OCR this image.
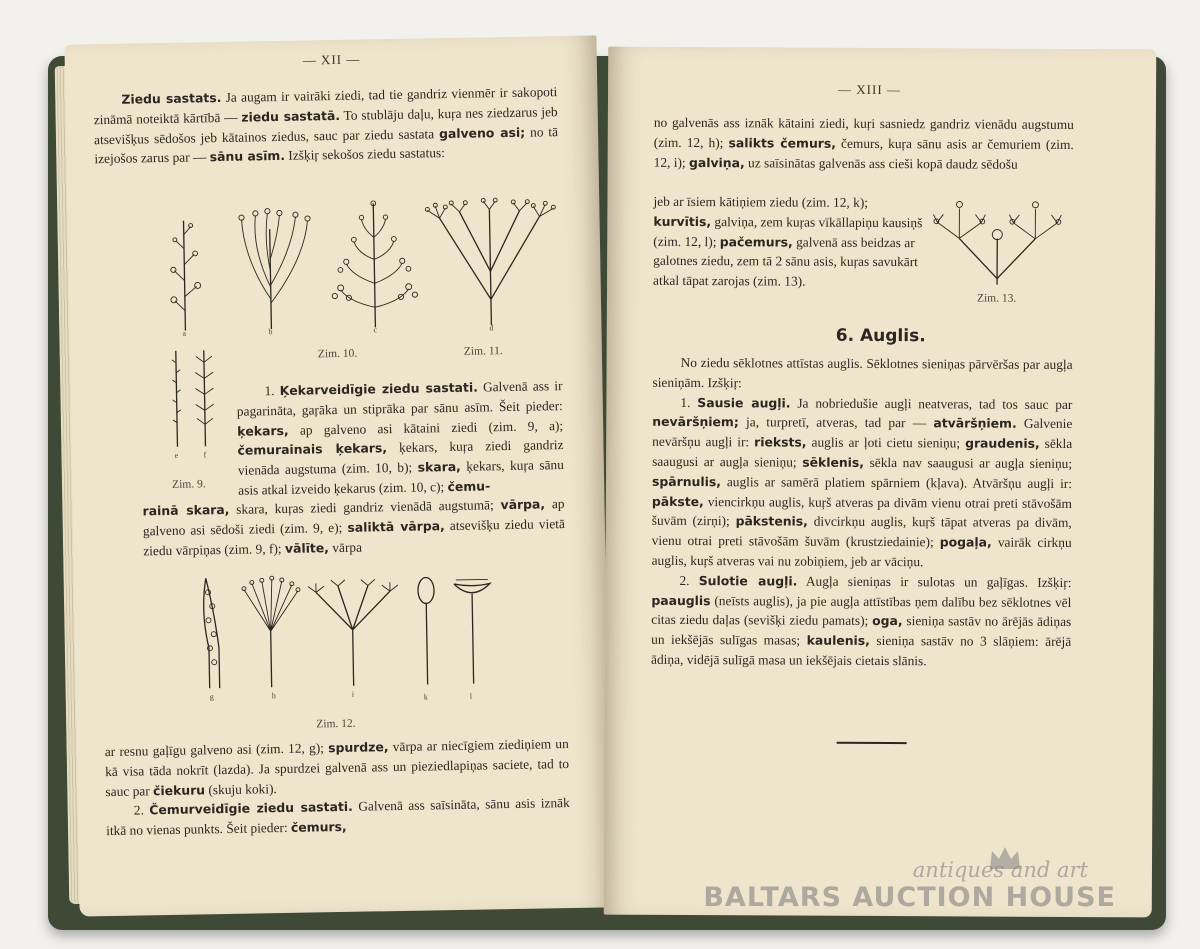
— XII —

Ziedu sastats. Ja augam ir vairāki ziedi, tad tie gandriz vienmēr ir sakopoti zināmā noteiktā kārtībā — ziedu sastatā. To stublāju daļu, kuŗa nes ziedzarus jeb atsevišķus sēdošos jeb kātainos ziedus, sauc par ziedu sastata galveno asi; no tā izejošos zarus par — sānu asīm. Izšķiŗ sekošos ziedu sastatus:

a	b	c	d
Zim. 10.	Zim. 11.
e	f
Zim. 9.

1. Ķekarveidīgie ziedu sastati. Galvenā ass ir pagarināta, gaŗāka un stiprāka par sānu asīm. Šeit pieder: ķekars, ap galveno asi kātaini ziedi (zim. 9, a); čemurainais ķekars, ķekars, kuŗa ziedi gandriz vienāda augstuma (zim. 10, b); skara, ķekars, kuŗa sānu asis atkal izveido ķekarus (zim. 10, c); čemu-

rainā skara, skara, kuŗas ziedi gandriz vienādā augstumā; vārpa, ap galveno asi sēdoši ziedi (zim. 9, e); saliktā vārpa, atsevišķu ziedu vietā ziedu vārpiņas (zim. 9, f); vālīte, vārpa

g	h	i	k	l
Zim. 12.

ar resnu gaļīgu galveno asi (zim. 12, g); spurdze, vārpa ar niecīgiem ziediņiem un kā visa tāda nokrīt (lazda). Ja spurdzei galvenā ass un pieziedlapiņas saciete, tad to sauc par čiekuru (skuju koki).

2. Čemurveidīgie ziedu sastati. Galvenā ass saīsināta, sānu asis iznāk itkā no vienas punkts. Šeit pieder: čemurs,

— XIII —

no galvenās ass iznāk kātaini ziedi, kuŗi sasniedz gandriz vienādu augstumu (zim. 12, h); salikts čemurs, čemurs, kuŗa sānu asis ar čemuriem (zim. 12, i); galviņa, uz saīsinātas galvenās ass cieši kopā daudz sēdošu

jeb ar īsiem kātiņiem ziedu (zim. 12, k); kurvītis, galviņa, zem kuŗas vīkāllapiņu kausiņš (zim. 12, l); pačemurs, galvenā ass beidzas ar galotnes ziedu, zem tā 2 sānu asis, kuŗas savukārt atkal tāpat zarojas (zim. 13).

Zim. 13.
6. Auglis.

No ziedu sēklotnes attīstas auglis. Sēklotnes sieniņas pārvēršas par augļa sieniņām. Izšķiŗ:

1. Sausie augļi. Ja nobriedušie augļi neatveras, tad tos sauc par nevāršņiem; ja, turpretī, atveras, tad par — atvāršņiem. Galvenie nevāršņu augļi ir: rieksts, auglis ar ļoti cietu sieniņu; graudenis, sēkla saaugusi ar augļa sieniņu; sēklenis, sēkla nav saaugusi ar augļa sieniņu; spārnulis, auglis ar samērā platiem spārniem (kļava). Atvāršņu augļi ir: pākste, viencirkņu auglis, kuŗš atveras pa divām vienu otrai preti stāvošām šuvām (zirņi); pākstenis, divcirkņu auglis, kuŗš tāpat atveras pa divām, vienu otrai preti stāvošām šuvām (krustziedainie); pogaļa, vairāk cirkņu auglis, kuŗš atveras vai nu zobiņiem, jeb ar vāciņu.

2. Sulotie augļi. Augļa sieniņas ir sulotas un gaļīgas. Izšķiŗ: paauglis (neīsts auglis), ja pie augļa attīstības ņem dalību bez sēklotnes vēl citas ziedu daļas (sevišķi ziedu pamats); oga, sieniņa sastāv no ārējās ādiņas un iekšējās sulīgas masas; kaulenis, sieniņa sastāv no 3 slāņiem: ārējā ādiņa, vidējā sulīgā masa un iekšējais cietais slānis.

antiques and art
BALTARS AUCTION HOUSE
